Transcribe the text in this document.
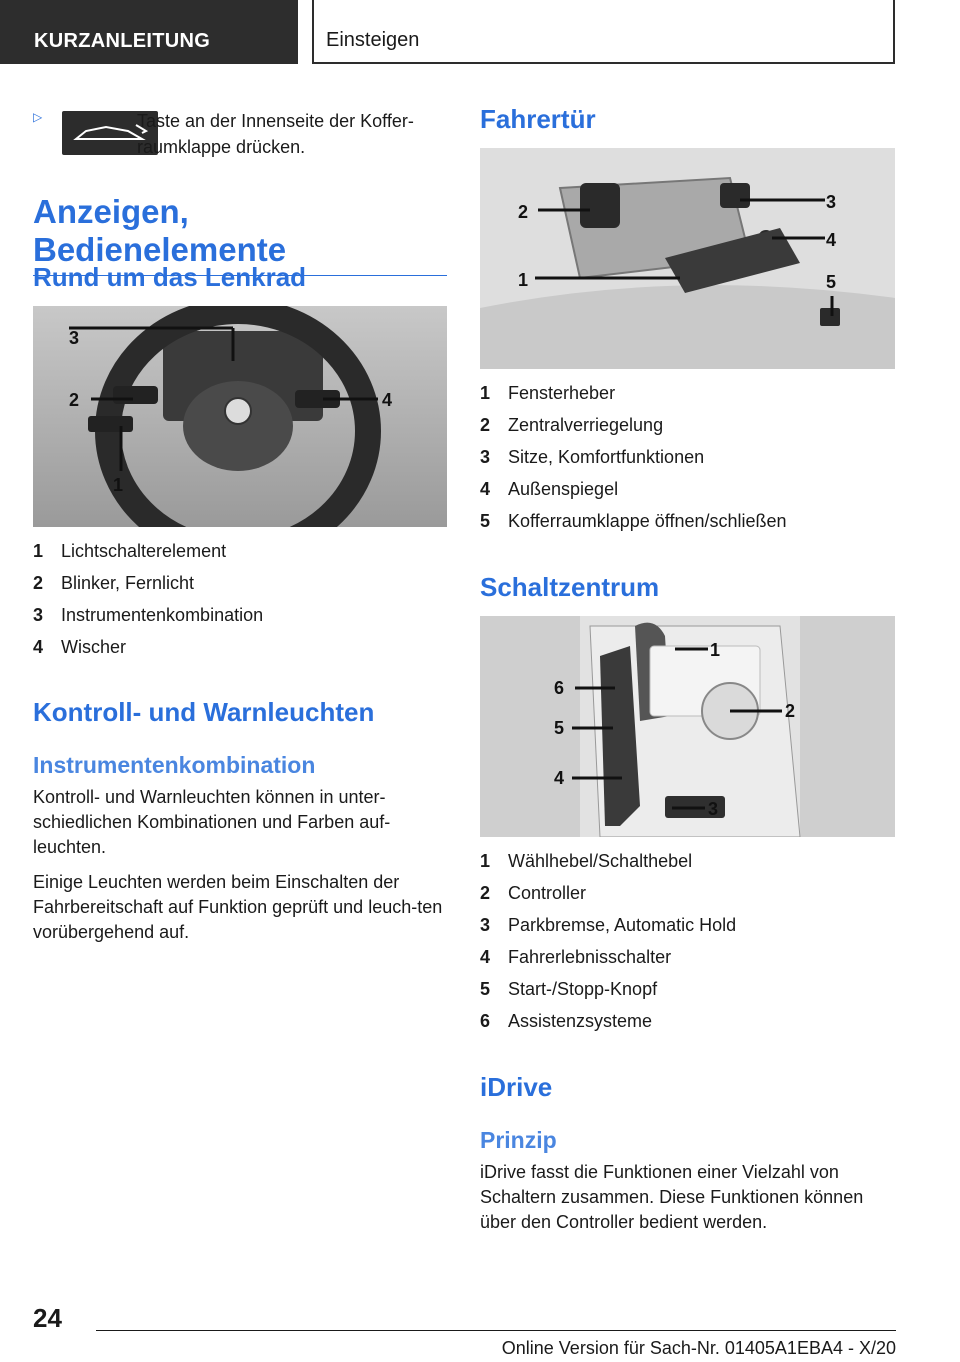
KURZANLEITUNG	Einsteigen
▷	Taste an der Innenseite der Koffer-raumklappe drücken.
Anzeigen, Bedienelemente
Rund um das Lenkrad
3
2	4
1
1 Lichtschalterelement
2 Blinker, Fernlicht
3 Instrumentenkombination
4 Wischer
Kontroll- und Warnleuchten
Instrumentenkombination
Kontroll- und Warnleuchten können in unter-schiedlichen Kombinationen und Farben auf-leuchten.
Einige Leuchten werden beim Einschalten der Fahrbereitschaft auf Funktion geprüft und leuch-ten vorübergehend auf.
Fahrertür
2	3
4
1	5
1 Fensterheber
2 Zentralverriegelung
3 Sitze, Komfortfunktionen
4 Außenspiegel
5 Kofferraumklappe öffnen/schließen
Schaltzentrum
1
6
5
2
4
3
1 Wählhebel/Schalthebel
2 Controller
3 Parkbremse, Automatic Hold
4 Fahrerlebnisschalter
5 Start-/Stopp-Knopf
6 Assistenzsysteme
iDrive
Prinzip
iDrive fasst die Funktionen einer Vielzahl von Schaltern zusammen. Diese Funktionen können über den Controller bedient werden.
24
Online Version für Sach-Nr. 01405A1EBA4 - X/20
